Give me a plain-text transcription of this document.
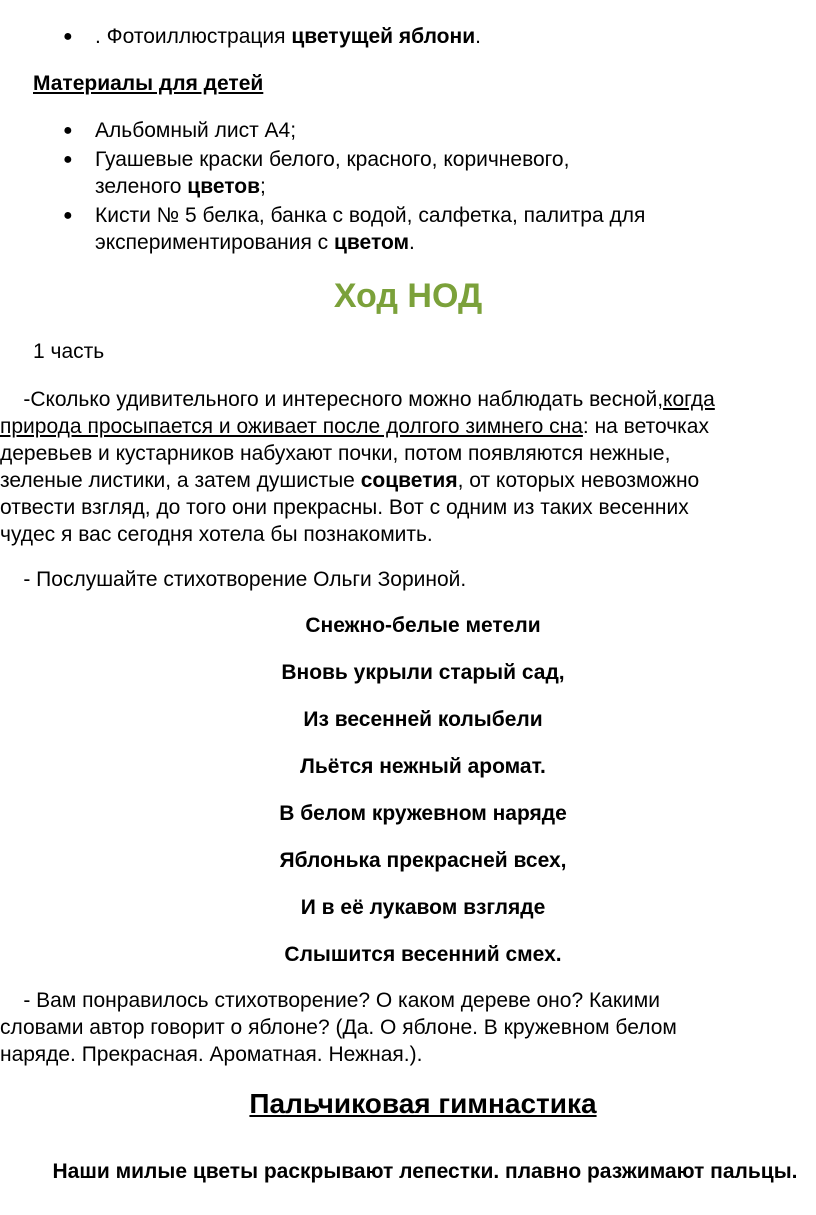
● . Фотоиллюстрация цветущей яблони.
Материалы для детей
● Альбомный лист А4;
● Гуашевые краски белого, красного, коричневого,
зеленого цветов;
● Кисти № 5 белка, банка с водой, салфетка, палитра для
экспериментирования с цветом.
Ход НОД
1 часть
-Сколько удивительного и интересного можно наблюдать весной,когда
природа просыпается и оживает после долгого зимнего сна: на веточках
деревьев и кустарников набухают почки, потом появляются нежные,
зеленые листики, а затем душистые соцветия, от которых невозможно
отвести взгляд, до того они прекрасны. Вот с одним из таких весенних
чудес я вас сегодня хотела бы познакомить.
- Послушайте стихотворение Ольги Зориной.
Снежно-белые метели
Вновь укрыли старый сад,
Из весенней колыбели
Льётся нежный аромат.
В белом кружевном наряде
Яблонька прекрасней всех,
И в её лукавом взгляде
Слышится весенний смех.
- Вам понравилось стихотворение? О каком дереве оно? Какими
словами автор говорит о яблоне? (Да. О яблоне. В кружевном белом
наряде. Прекрасная. Ароматная. Нежная.).
Пальчиковая гимнастика
Наши милые цветы раскрывают лепестки. плавно разжимают пальцы.
